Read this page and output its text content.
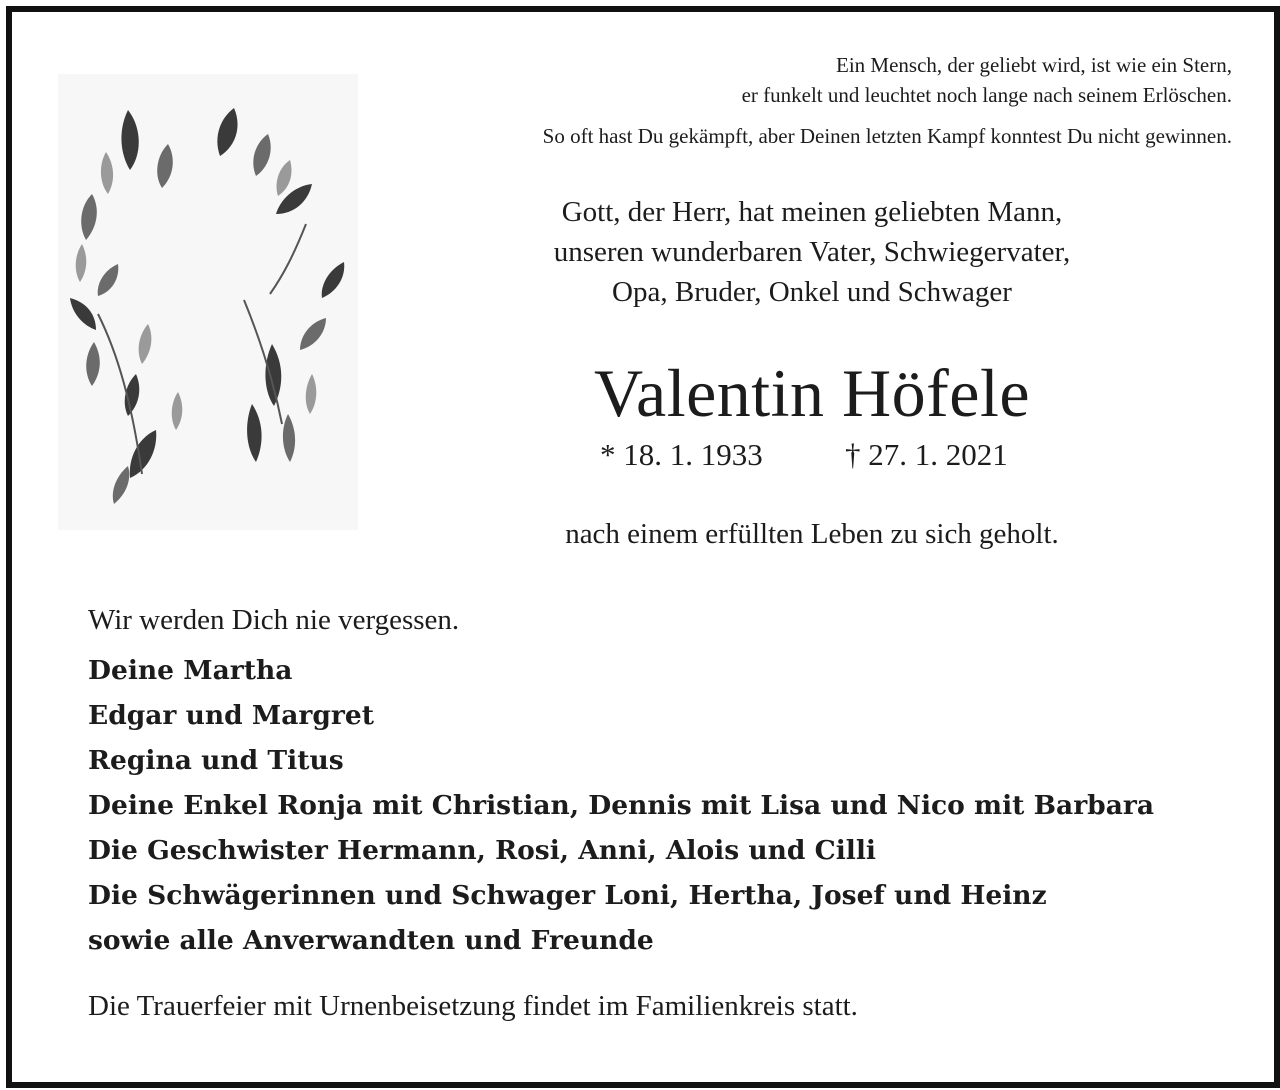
Ein Mensch, der geliebt wird, ist wie ein Stern,
er funkelt und leuchtet noch lange nach seinem Erlöschen.
So oft hast Du gekämpft, aber Deinen letzten Kampf konntest Du nicht gewinnen.
Gott, der Herr, hat meinen geliebten Mann,
unseren wunderbaren Vater, Schwiegervater,
Opa, Bruder, Onkel und Schwager
Valentin Höfele
* 18. 1. 1933	† 27. 1. 2021
nach einem erfüllten Leben zu sich geholt.
Wir werden Dich nie vergessen.
Deine Martha
Edgar und Margret
Regina und Titus
Deine Enkel Ronja mit Christian, Dennis mit Lisa und Nico mit Barbara
Die Geschwister Hermann, Rosi, Anni, Alois und Cilli
Die Schwägerinnen und Schwager Loni, Hertha, Josef und Heinz
sowie alle Anverwandten und Freunde
Die Trauerfeier mit Urnenbeisetzung findet im Familienkreis statt.
